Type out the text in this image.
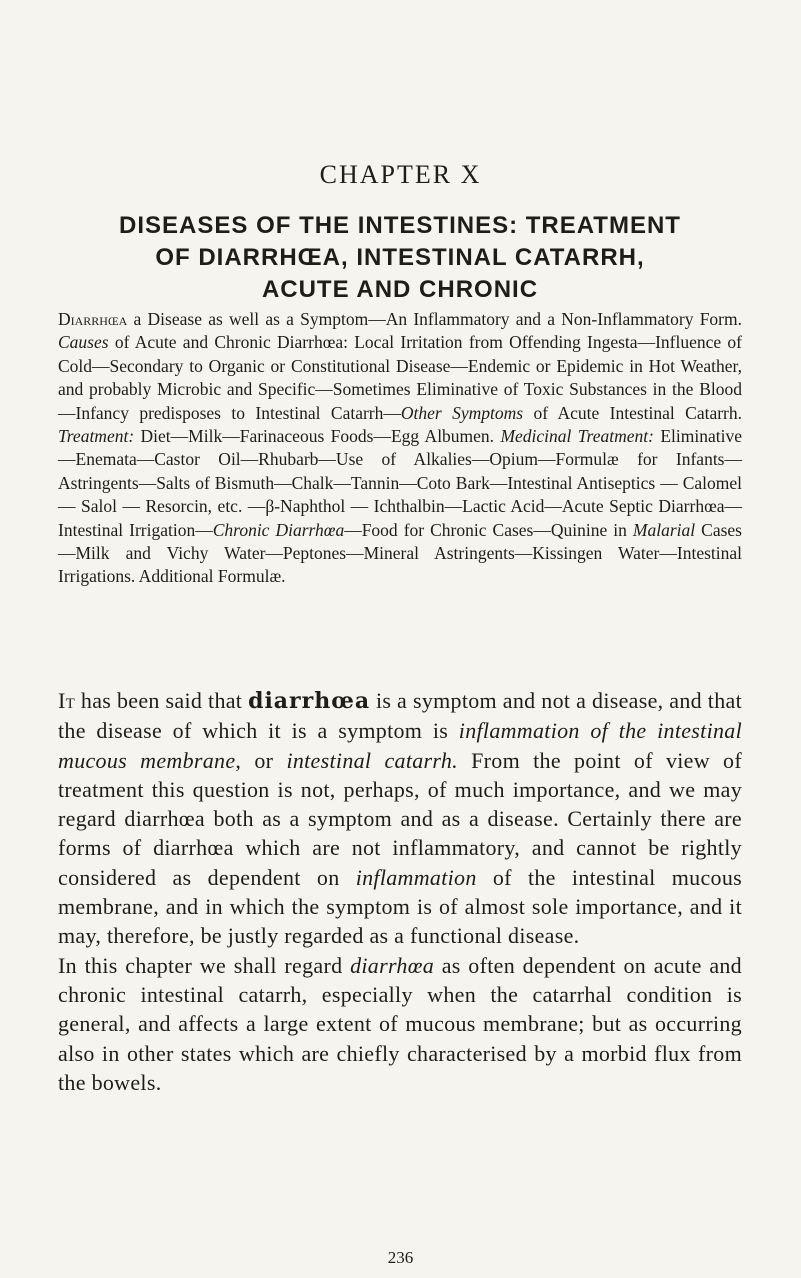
CHAPTER X
DISEASES OF THE INTESTINES: TREATMENT
OF DIARRHŒA, INTESTINAL CATARRH,
ACUTE AND CHRONIC
Diarrhœa a Disease as well as a Symptom—An Inflammatory and a Non-Inflammatory Form. Causes of Acute and Chronic Diarrhœa: Local Irritation from Offending Ingesta—Influence of Cold—Secondary to Organic or Constitutional Disease—Endemic or Epidemic in Hot Weather, and probably Microbic and Specific—Sometimes Eliminative of Toxic Substances in the Blood—Infancy predisposes to Intestinal Catarrh—Other Symptoms of Acute Intestinal Catarrh. Treatment: Diet—Milk—Farinaceous Foods—Egg Albumen. Medicinal Treatment: Eliminative—Enemata—Castor Oil—Rhubarb—Use of Alkalies—Opium—Formulæ for Infants—Astringents—Salts of Bismuth—Chalk—Tannin—Coto Bark—Intestinal Antiseptics — Calomel — Salol — Resorcin, etc. —β-Naphthol — Ichthalbin—Lactic Acid—Acute Septic Diarrhœa—Intestinal Irrigation—Chronic Diarrhœa—Food for Chronic Cases—Quinine in Malarial Cases—Milk and Vichy Water—Peptones—Mineral Astringents—Kissingen Water—Intestinal Irrigations. Additional Formulæ.

It has been said that diarrhœa is a symptom and not a disease, and that the disease of which it is a symptom is inflammation of the intestinal mucous membrane, or intestinal catarrh. From the point of view of treatment this question is not, perhaps, of much importance, and we may regard diarrhœa both as a symptom and as a disease. Certainly there are forms of diarrhœa which are not inflammatory, and cannot be rightly considered as dependent on inflammation of the intestinal mucous membrane, and in which the symptom is of almost sole importance, and it may, therefore, be justly regarded as a functional disease.

In this chapter we shall regard diarrhœa as often dependent on acute and chronic intestinal catarrh, especially when the catarrhal condition is general, and affects a large extent of mucous membrane; but as occurring also in other states which are chiefly characterised by a morbid flux from the bowels.

236
